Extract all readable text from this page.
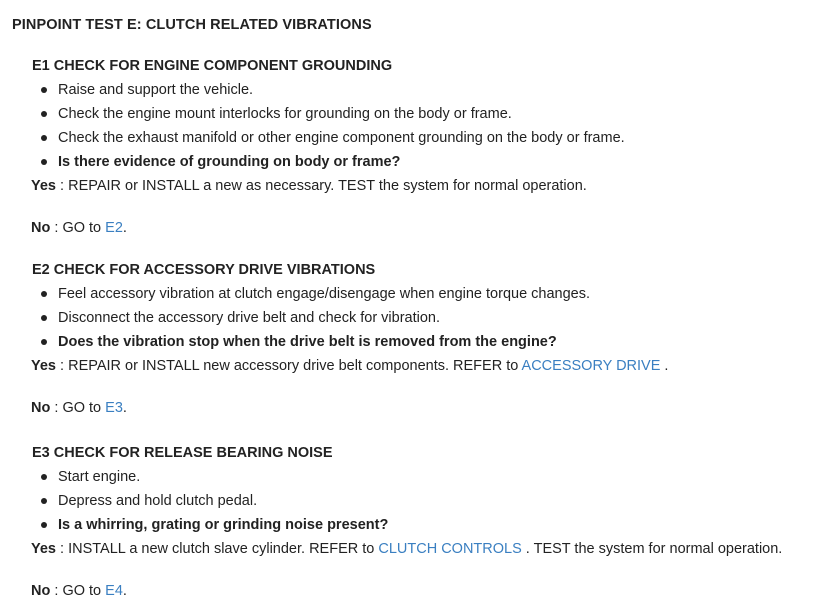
PINPOINT TEST E: CLUTCH RELATED VIBRATIONS
E1 CHECK FOR ENGINE COMPONENT GROUNDING
Raise and support the vehicle.
Check the engine mount interlocks for grounding on the body or frame.
Check the exhaust manifold or other engine component grounding on the body or frame.
Is there evidence of grounding on body or frame?
Yes : REPAIR or INSTALL a new as necessary. TEST the system for normal operation.
No : GO to E2.
E2 CHECK FOR ACCESSORY DRIVE VIBRATIONS
Feel accessory vibration at clutch engage/disengage when engine torque changes.
Disconnect the accessory drive belt and check for vibration.
Does the vibration stop when the drive belt is removed from the engine?
Yes : REPAIR or INSTALL new accessory drive belt components. REFER to ACCESSORY DRIVE .
No : GO to E3.
E3 CHECK FOR RELEASE BEARING NOISE
Start engine.
Depress and hold clutch pedal.
Is a whirring, grating or grinding noise present?
Yes : INSTALL a new clutch slave cylinder. REFER to CLUTCH CONTROLS . TEST the system for normal operation.
No : GO to E4.
